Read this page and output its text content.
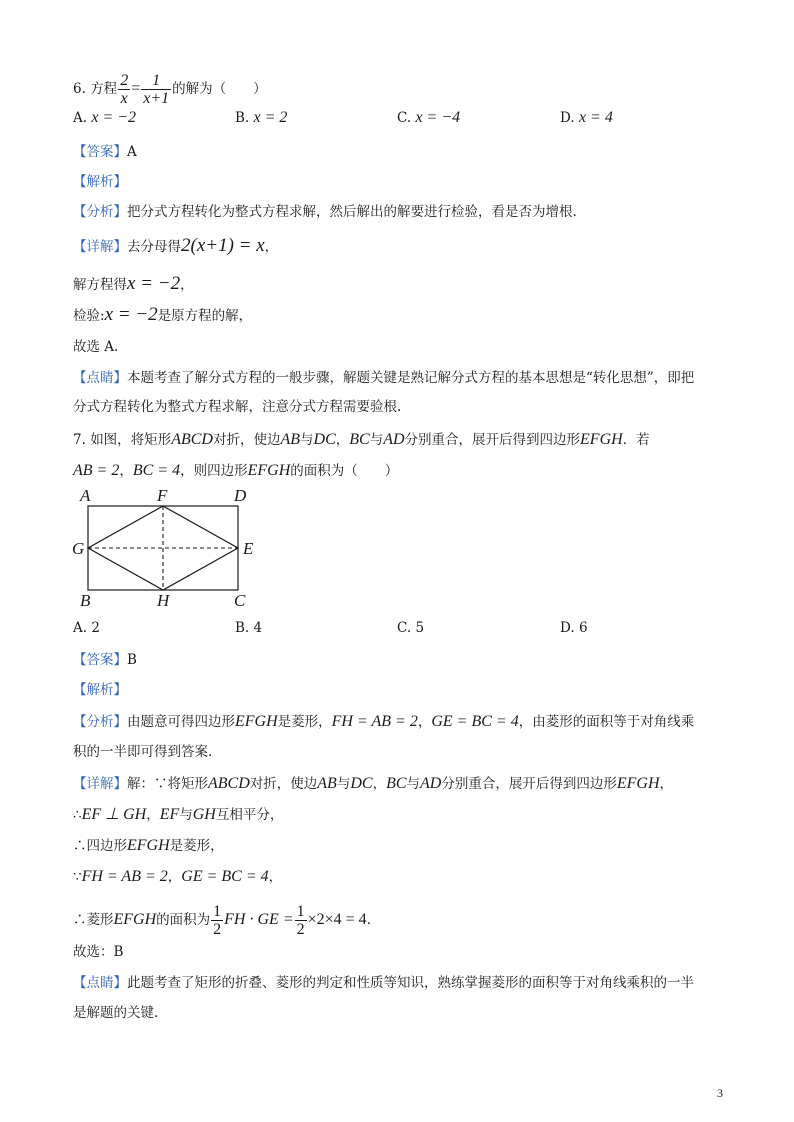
6. 方程 $\frac{2}{x} = \frac{1}{x+1}$ 的解为（　　）
A. x = −2	B. x = 2	C. x = −4	D. x = 4
【答案】A
【解析】
【分析】把分式方程转化为整式方程求解，然后解出的解要进行检验，看是否为增根.
【详解】去分母得2(x+1) = x，
解方程得x = −2，
检验:x = −2是原方程的解，
故选 A.
【点睛】本题考查了解分式方程的一般步骤，解题关键是熟记解分式方程的基本思想是“转化思想”，即把
分式方程转化为整式方程求解，注意分式方程需要验根.
7. 如图，将矩形ABCD对折，使边AB与DC，BC与AD分别重合，展开后得到四边形EFGH．若
AB = 2，BC = 4，则四边形EFGH的面积为（　　）
A	F	D
G	E
B	H	C
A. 2	B. 4	C. 5	D. 6
【答案】B
【解析】
【分析】由题意可得四边形EFGH是菱形，FH = AB = 2，GE = BC = 4，由菱形的面积等于对角线乘
积的一半即可得到答案.
【详解】解：∵将矩形ABCD对折，使边AB与DC，BC与AD分别重合，展开后得到四边形EFGH，
∴EF ⊥ GH，EF与GH互相平分，
∴四边形EFGH是菱形，
∵FH = AB = 2，GE = BC = 4，
∴菱形EFGH的面积为 $\frac{1}{2}$ FH · GE = $\frac{1}{2} \times 2\times 4 = 4$.
故选：B
【点睛】此题考查了矩形的折叠、菱形的判定和性质等知识，熟练掌握菱形的面积等于对角线乘积的一半
是解题的关键.
3
